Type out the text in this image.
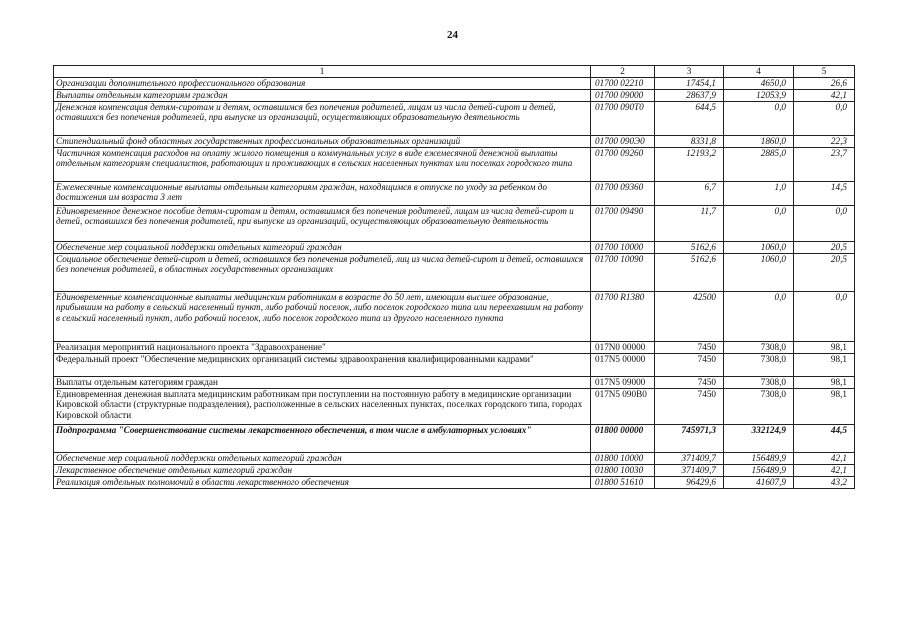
24
1	2	3	4	5
Организации дополнительного профессионального образования	01700 02210	17454,1	4650,0	26,6
Выплаты отдельным категориям граждан	01700 09000	28637,9	12053,9	42,1
Денежная компенсация детям-сиротам и детям, оставшимся без попечения родителей, лицам из числа детей-сирот и детей, оставшихся без попечения родителей, при выпуске из организаций, осуществляющих образовательную деятельность	01700 090Т0	644,5	0,0	0,0
Стипендиальный фонд областных государственных профессиональных образовательных организаций	01700 090Э0	8331,8	1860,0	22,3
Частичная компенсация расходов на оплату жилого помещения и коммунальных услуг в виде ежемесячной денежной выплаты отдельным категориям специалистов, работающих и проживающих в сельских населенных пунктах или поселках городского типа	01700 09260	12193,2	2885,0	23,7
Ежемесячные компенсационные выплаты отдельным категориям граждан, находящимся в отпуске по уходу за ребенком до достижения им возраста 3 лет	01700 09360	6,7	1,0	14,5
Единовременное денежное пособие детям-сиротам и детям, оставшимся без попечения родителей, лицам из числа детей-сирот и детей, оставшихся без попечения родителей, при выпуске из организаций, осуществляющих образовательную деятельность	01700 09490	11,7	0,0	0,0
Обеспечение мер социальной поддержки отдельных категорий граждан	01700 10000	5162,6	1060,0	20,5
Социальное обеспечение детей-сирот и детей, оставшихся без попечения родителей, лиц из числа детей-сирот и детей, оставшихся без попечения родителей, в областных государственных организациях	01700 10090	5162,6	1060,0	20,5
Единовременные компенсационные выплаты медицинским работникам в возрасте до 50 лет, имеющим высшее образование, прибывшим на работу в сельский населенный пункт, либо рабочий поселок, либо поселок городского типа или переехавшим на работу в сельский населенный пункт, либо рабочий поселок, либо поселок городского типа из другого населенного пункта	01700 R1380	42500	0,0	0,0
Реализация мероприятий национального проекта "Здравоохранение"	017N0 00000	7450	7308,0	98,1
Федеральный проект "Обеспечение медицинских организаций системы здравоохранения квалифицированными кадрами"	017N5 00000	7450	7308,0	98,1
Выплаты отдельным категориям граждан	017N5 09000	7450	7308,0	98,1
Единовременная денежная выплата медицинским работникам при поступлении на постоянную работу в медицинские организации Кировской области (структурные подразделения), расположенные в сельских населенных пунктах, поселках городского типа, городах Кировской области	017N5 090В0	7450	7308,0	98,1
Подпрограмма "Совершенствование системы лекарственного обеспечения, в том числе в амбулаторных условиях"	01800 00000	745971,3	332124,9	44,5
Обеспечение мер социальной поддержки отдельных категорий граждан	01800 10000	371409,7	156489,9	42,1
Лекарственное обеспечение отдельных категорий граждан	01800 10030	371409,7	156489,9	42,1
Реализация отдельных полномочий в области лекарственного обеспечения	01800 51610	96429,6	41607,9	43,2
